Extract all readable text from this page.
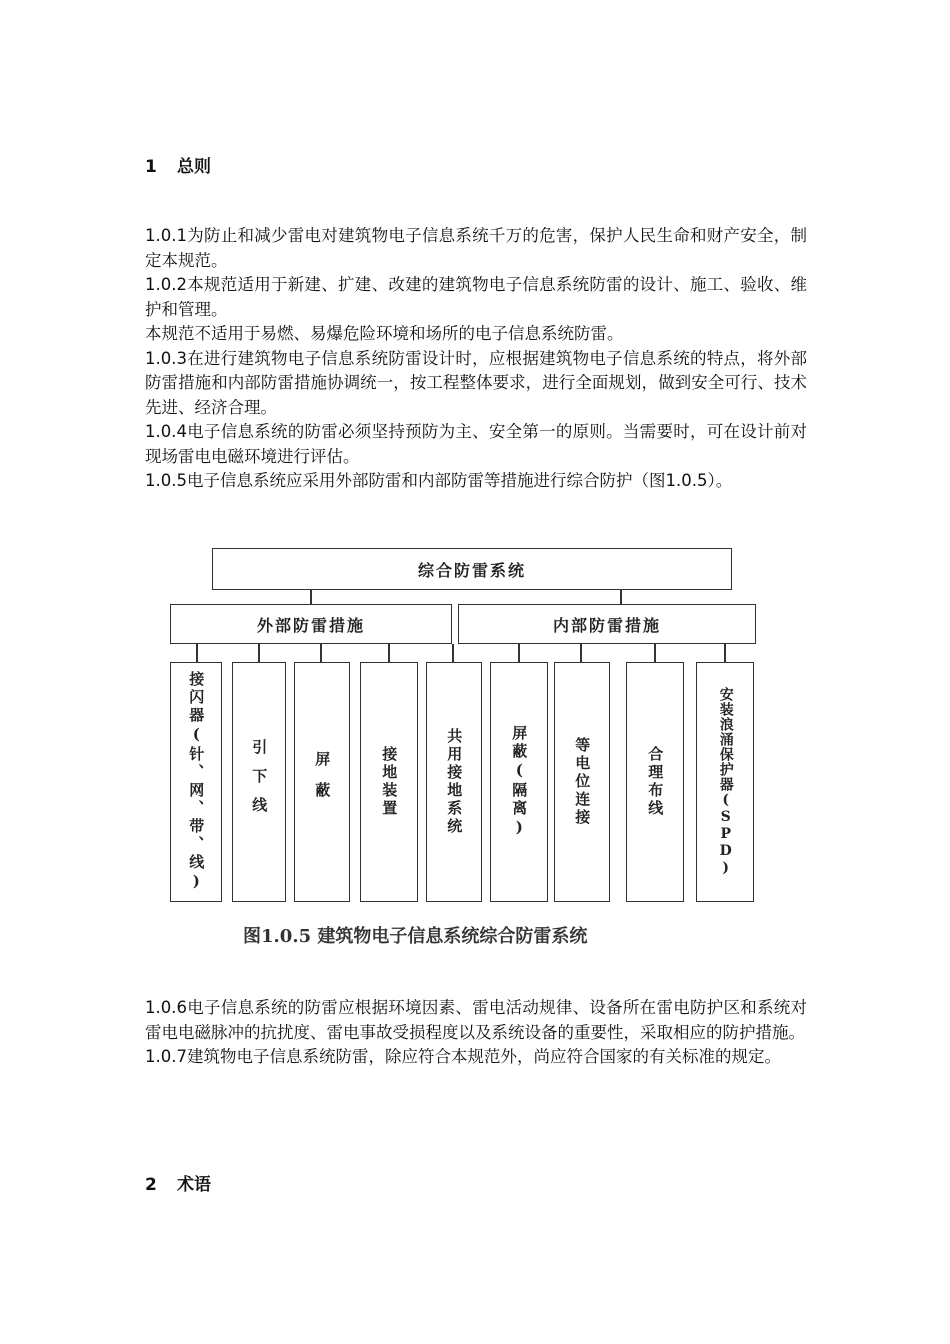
1 总则

1.0.1为防止和减少雷电对建筑物电子信息系统千万的危害，保护人民生命和财产安全，制定本规范。

1.0.2本规范适用于新建、扩建、改建的建筑物电子信息系统防雷的设计、施工、验收、维护和管理。

本规范不适用于易燃、易爆危险环境和场所的电子信息系统防雷。

1.0.3在进行建筑物电子信息系统防雷设计时，应根据建筑物电子信息系统的特点，将外部防雷措施和内部防雷措施协调统一，按工程整体要求，进行全面规划，做到安全可行、技术先进、经济合理。

1.0.4电子信息系统的防雷必须坚持预防为主、安全第一的原则。当需要时，可在设计前对现场雷电电磁环境进行评估。

1.0.5电子信息系统应采用外部防雷和内部防雷等措施进行综合防护（图1.0.5）。

综合防雷系统
外部防雷措施	内部防雷措施
接闪器(针、网、带、线)	引下线	屏蔽	接地装置	共用接地系统	屏蔽(隔离)	等电位连接	合理布线	安装浪涌保护器(SPD)
图1.0.5 建筑物电子信息系统综合防雷系统

1.0.6电子信息系统的防雷应根据环境因素、雷电活动规律、设备所在雷电防护区和系统对雷电电磁脉冲的抗扰度、雷电事故受损程度以及系统设备的重要性，采取相应的防护措施。

1.0.7建筑物电子信息系统防雷，除应符合本规范外，尚应符合国家的有关标准的规定。

2 术语
